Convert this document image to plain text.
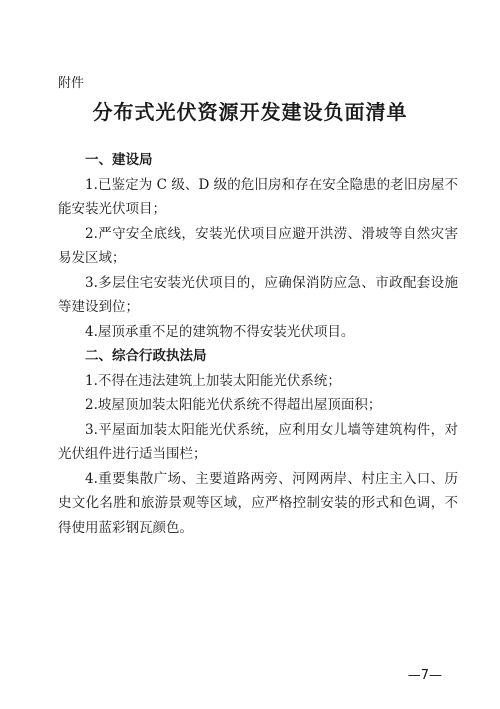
附件
分布式光伏资源开发建设负面清单

一、建设局

1.已鉴定为 C 级、D 级的危旧房和存在安全隐患的老旧房屋不能安装光伏项目；

2.严守安全底线，安装光伏项目应避开洪涝、滑坡等自然灾害易发区域；

3.多层住宅安装光伏项目的，应确保消防应急、市政配套设施等建设到位；

4.屋顶承重不足的建筑物不得安装光伏项目。

二、综合行政执法局

1.不得在违法建筑上加装太阳能光伏系统；

2.坡屋顶加装太阳能光伏系统不得超出屋顶面积；

3.平屋面加装太阳能光伏系统，应利用女儿墙等建筑构件，对光伏组件进行适当围栏；

4.重要集散广场、主要道路两旁、河网两岸、村庄主入口、历史文化名胜和旅游景观等区域，应严格控制安装的形式和色调，不得使用蓝彩钢瓦颜色。

—7—
